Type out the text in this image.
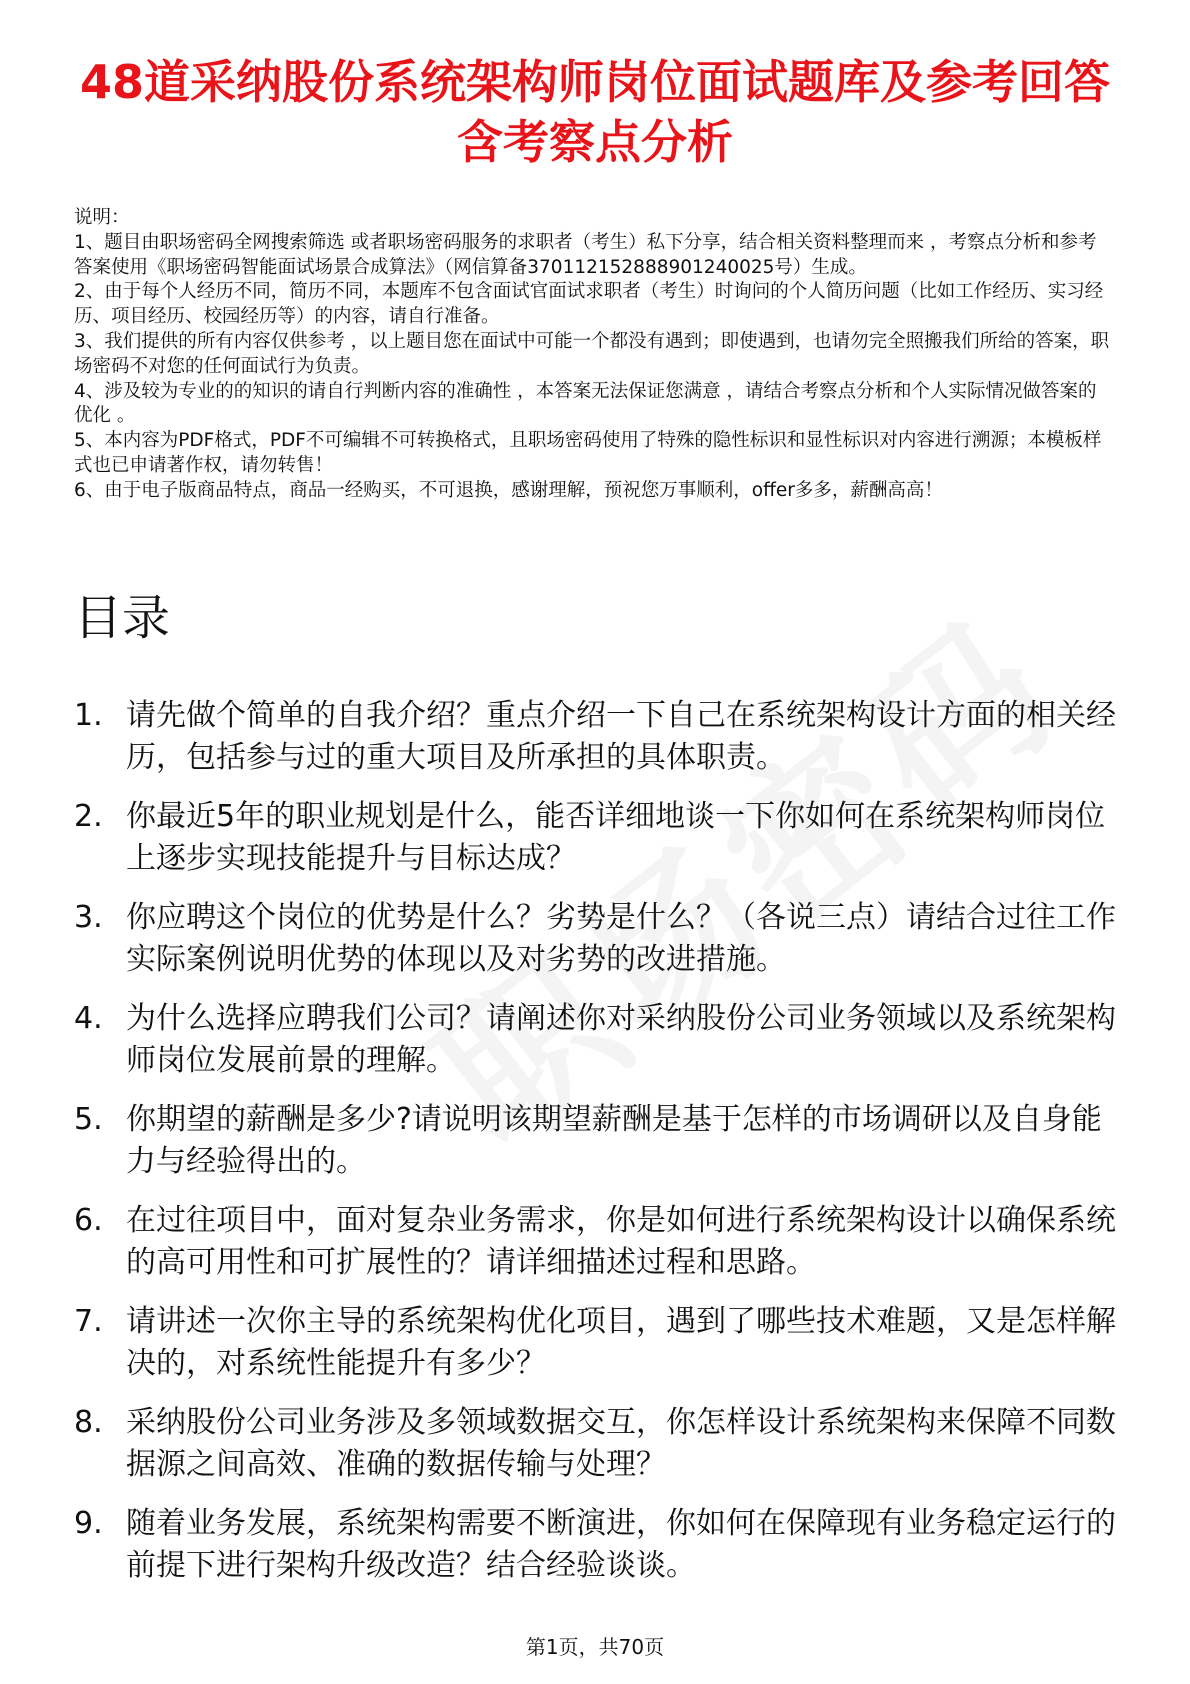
48道采纳股份系统架构师岗位面试题库及参考回答含考察点分析

说明：

1、题目由职场密码全网搜索筛选 或者职场密码服务的求职者（考生）私下分享，结合相关资料整理而来 ，考察点分析和参考答案使用《职场密码智能面试场景合成算法》（网信算备370112152888901240025号）生成。

2、由于每个人经历不同，简历不同，本题库不包含面试官面试求职者（考生）时询问的个人简历问题（比如工作经历、实习经历、项目经历、校园经历等）的内容，请自行准备。

3、我们提供的所有内容仅供参考 ，以上题目您在面试中可能一个都没有遇到；即使遇到，也请勿完全照搬我们所给的答案，职场密码不对您的任何面试行为负责。

4、涉及较为专业的的知识的请自行判断内容的准确性 ，本答案无法保证您满意 ，请结合考察点分析和个人实际情况做答案的优化 。

5、本内容为PDF格式，PDF不可编辑不可转换格式，且职场密码使用了特殊的隐性标识和显性标识对内容进行溯源；本模板样式也已申请著作权，请勿转售！

6、由于电子版商品特点，商品一经购买，不可退换，感谢理解，预祝您万事顺利，offer多多，薪酬高高！

目录
1. 请先做个简单的自我介绍？重点介绍一下自己在系统架构设计方面的相关经历，包括参与过的重大项目及所承担的具体职责。
2. 你最近5年的职业规划是什么，能否详细地谈一下你如何在系统架构师岗位上逐步实现技能提升与目标达成？
3. 你应聘这个岗位的优势是什么？劣势是什么？（各说三点）请结合过往工作实际案例说明优势的体现以及对劣势的改进措施。
4. 为什么选择应聘我们公司？请阐述你对采纳股份公司业务领域以及系统架构师岗位发展前景的理解。
5. 你期望的薪酬是多少?请说明该期望薪酬是基于怎样的市场调研以及自身能力与经验得出的。
6. 在过往项目中，面对复杂业务需求，你是如何进行系统架构设计以确保系统的高可用性和可扩展性的？请详细描述过程和思路。
7. 请讲述一次你主导的系统架构优化项目，遇到了哪些技术难题，又是怎样解决的，对系统性能提升有多少？
8. 采纳股份公司业务涉及多领域数据交互，你怎样设计系统架构来保障不同数据源之间高效、准确的数据传输与处理？
9. 随着业务发展，系统架构需要不断演进，你如何在保障现有业务稳定运行的前提下进行架构升级改造？结合经验谈谈。
第1页，共70页
